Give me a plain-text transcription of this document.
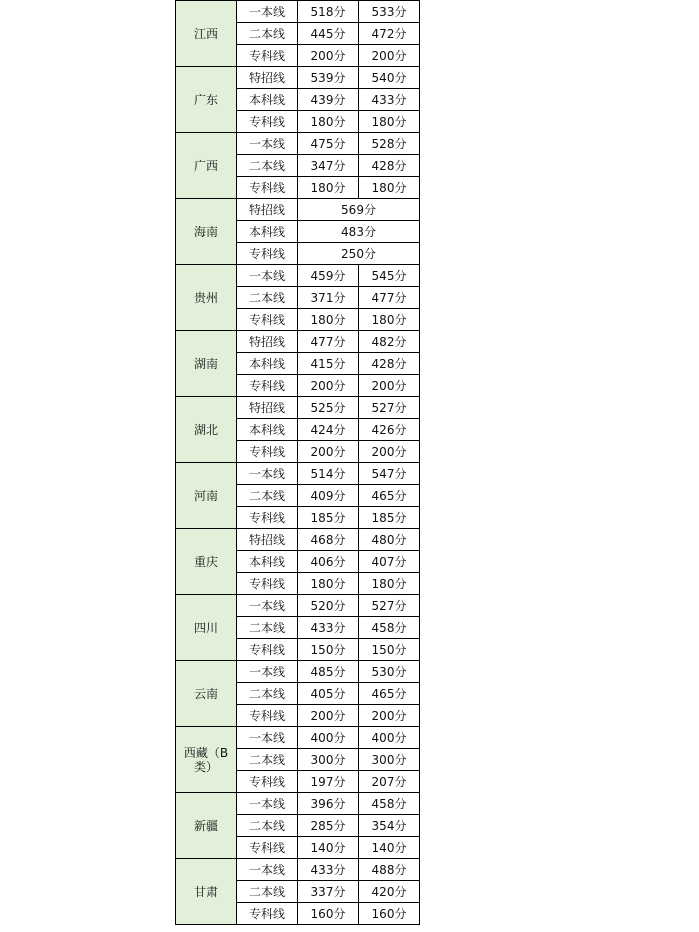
江西	一本线	518分	533分
	二本线	445分	472分
	专科线	200分	200分
广东	特招线	539分	540分
	本科线	439分	433分
	专科线	180分	180分
广西	一本线	475分	528分
	二本线	347分	428分
	专科线	180分	180分
海南	特招线	569分	
	本科线	483分	
	专科线	250分	
贵州	一本线	459分	545分
	二本线	371分	477分
	专科线	180分	180分
湖南	特招线	477分	482分
	本科线	415分	428分
	专科线	200分	200分
湖北	特招线	525分	527分
	本科线	424分	426分
	专科线	200分	200分
河南	一本线	514分	547分
	二本线	409分	465分
	专科线	185分	185分
重庆	特招线	468分	480分
	本科线	406分	407分
	专科线	180分	180分
四川	一本线	520分	527分
	二本线	433分	458分
	专科线	150分	150分
云南	一本线	485分	530分
	二本线	405分	465分
	专科线	200分	200分
西藏（B类）	一本线	400分	400分
	二本线	300分	300分
	专科线	197分	207分
新疆	一本线	396分	458分
	二本线	285分	354分
	专科线	140分	140分
甘肃	一本线	433分	488分
	二本线	337分	420分
	专科线	160分	160分
